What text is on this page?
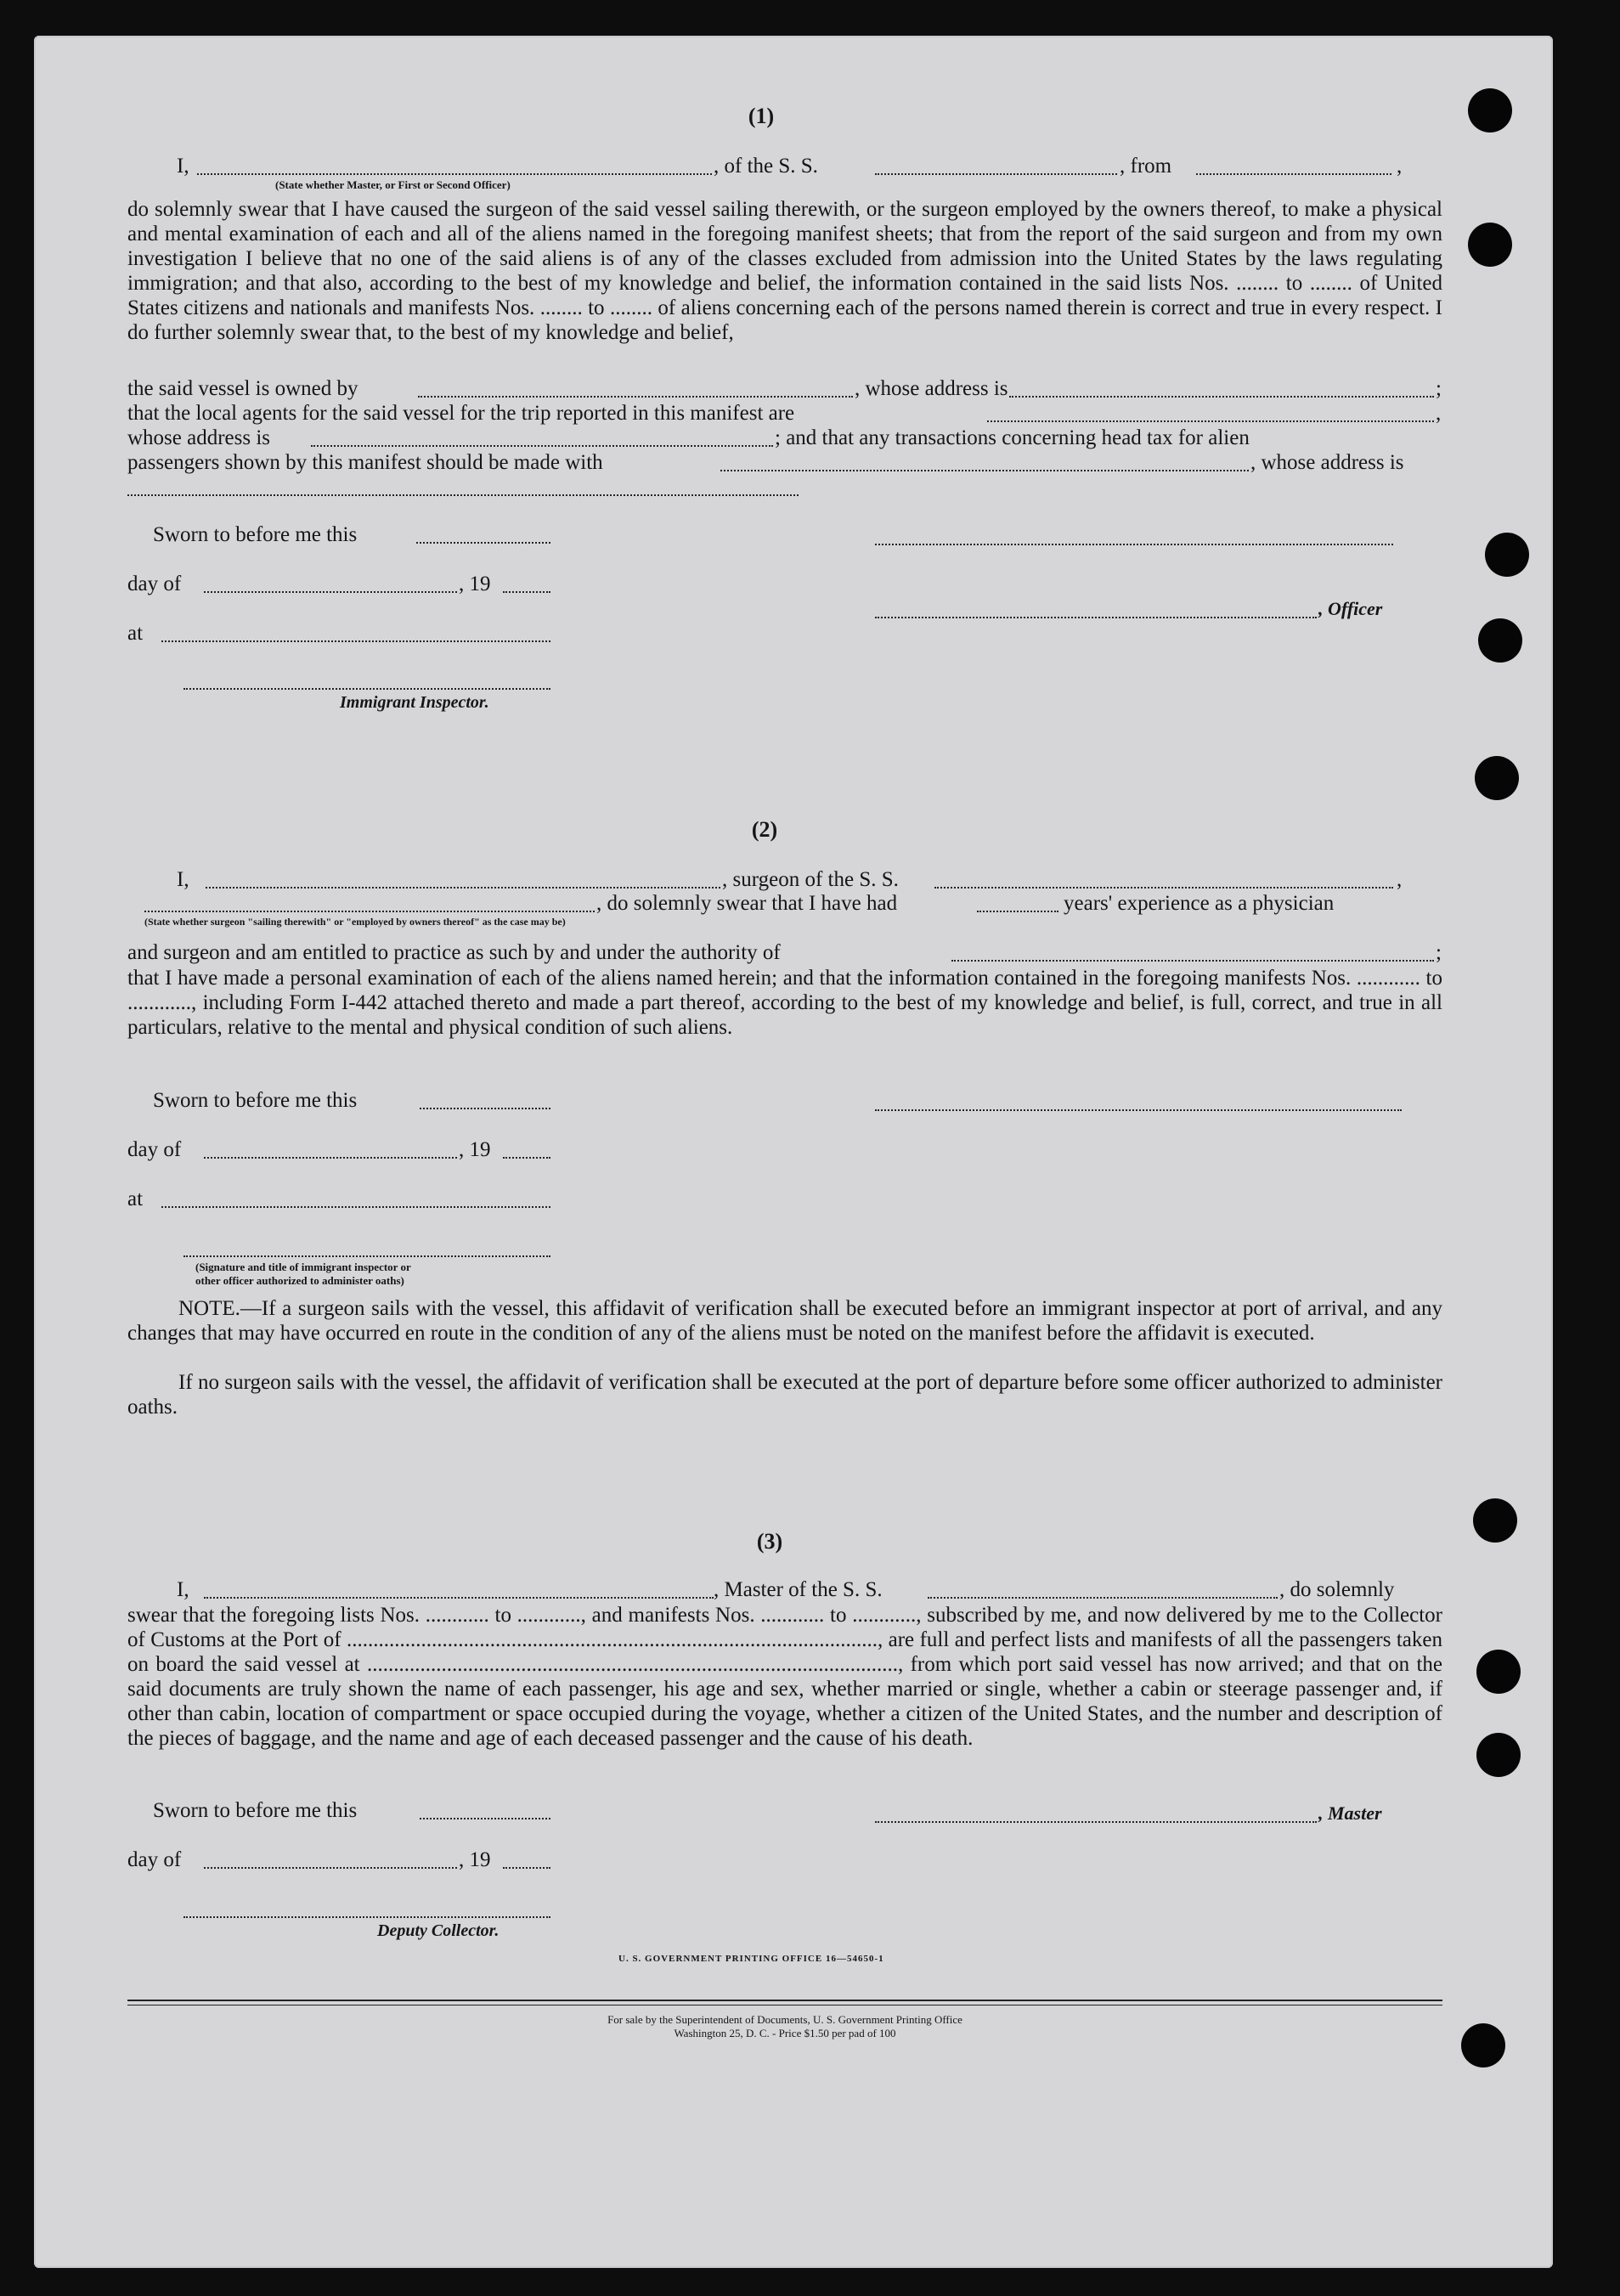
(1)
I,	, of the S. S.	, from	,
(State whether Master, or First or Second Officer)

do solemnly swear that I have caused the surgeon of the said vessel sailing therewith, or the surgeon employed by the owners thereof, to make a physical and mental examination of each and all of the aliens named in the foregoing manifest sheets; that from the report of the said surgeon and from my own investigation I believe that no one of the said aliens is of any of the classes excluded from admission into the United States by the laws regulating immigration; and that also, according to the best of my knowledge and belief, the information contained in the said lists Nos. ........ to ........ of United States citizens and nationals and manifests Nos. ........ to ........ of aliens concerning each of the persons named therein is correct and true in every respect. I do further solemnly swear that, to the best of my knowledge and belief,

the said vessel is owned by	, whose address is	;
that the local agents for the said vessel for the trip reported in this manifest are	,
whose address is	; and that any transactions concerning head tax for alien
passengers shown by this manifest should be made with	, whose address is
Sworn to before me this
day of	, 19
, Officer
at
Immigrant Inspector.
(2)
I,	, surgeon of the S. S.	,
, do solemnly swear that I have had	years' experience as a physician
(State whether surgeon "sailing therewith" or "employed by owners thereof" as the case may be)
and surgeon and am entitled to practice as such by and under the authority of	;

that I have made a personal examination of each of the aliens named herein; and that the information contained in the foregoing manifests Nos. ............ to ............, including Form I-442 attached thereto and made a part thereof, according to the best of my knowledge and belief, is full, correct, and true in all particulars, relative to the mental and physical condition of such aliens.

Sworn to before me this
day of	, 19
at
(Signature and title of immigrant inspector or
other officer authorized to administer oaths)

NOTE.—If a surgeon sails with the vessel, this affidavit of verification shall be executed before an immigrant inspector at port of arrival, and any changes that may have occurred en route in the condition of any of the aliens must be noted on the manifest before the affidavit is executed.

If no surgeon sails with the vessel, the affidavit of verification shall be executed at the port of departure before some officer authorized to administer oaths.

(3)
I,	, Master of the S. S.	, do solemnly

swear that the foregoing lists Nos. ............ to ............, and manifests Nos. ............ to ............, subscribed by me, and now delivered by me to the Collector of Customs at the Port of ...................................................................................................., are full and perfect lists and manifests of all the passengers taken on board the said vessel at ...................................................................................................., from which port said vessel has now arrived; and that on the said documents are truly shown the name of each passenger, his age and sex, whether married or single, whether a cabin or steerage passenger and, if other than cabin, location of compartment or space occupied during the voyage, whether a citizen of the United States, and the number and description of the pieces of baggage, and the name and age of each deceased passenger and the cause of his death.

Sworn to before me this	, Master
day of	, 19
Deputy Collector.
U. S. GOVERNMENT PRINTING OFFICE 16—54650-1
For sale by the Superintendent of Documents, U. S. Government Printing Office
Washington 25, D. C. - Price $1.50 per pad of 100
